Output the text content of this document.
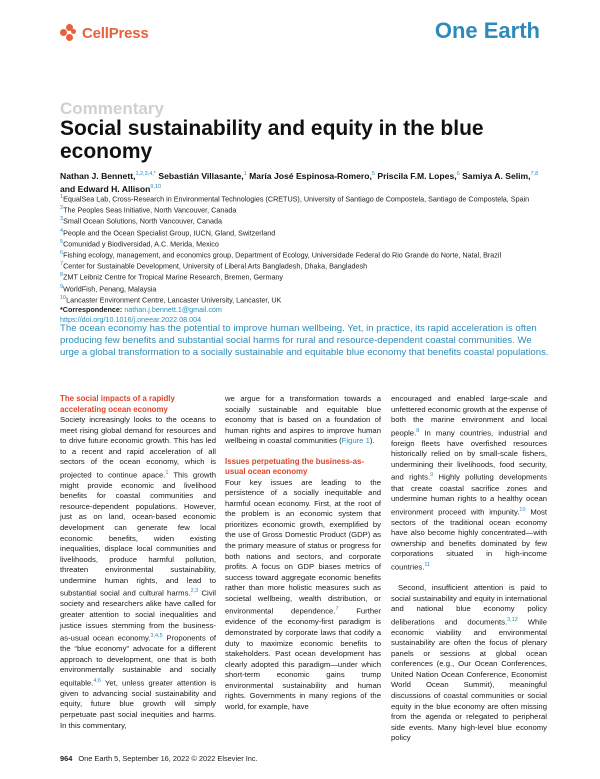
CellPress	One Earth
Commentary
Social sustainability and equity in the blue economy
Nathan J. Bennett,$^{1,2,3,4,*}$ Sebastián Villasante,$^1$ María José Espinosa-Romero,$^5$ Priscila F.M. Lopes,$^6$ Samiya A. Selim,$^{7,8}$ and Edward H. Allison$^{9,10}$
$^1$EqualSea Lab, Cross-Research in Environmental Technologies (CRETUS), University of Santiago de Compostela, Santiago de Compostela, Spain
$^2$The Peoples Seas Initiative, North Vancouver, Canada
$^3$Small Ocean Solutions, North Vancouver, Canada
$^4$People and the Ocean Specialist Group, IUCN, Gland, Switzerland
$^5$Comunidad y Biodiversidad, A.C. Merida, Mexico
$^6$Fishing ecology, management, and economics group, Department of Ecology, Universidade Federal do Rio Grande do Norte, Natal, Brazil
$^7$Center for Sustainable Development, University of Liberal Arts Bangladesh, Dhaka, Bangladesh
$^8$ZMT Leibniz Centre for Tropical Marine Research, Bremen, Germany
$^9$WorldFish, Penang, Malaysia
$^{10}$Lancaster Environment Centre, Lancaster University, Lancaster, UK
*Correspondence: nathan.j.bennett.1@gmail.com
https://doi.org/10.1016/j.oneear.2022.08.004
The ocean economy has the potential to improve human wellbeing. Yet, in practice, its rapid acceleration is often producing few benefits and substantial social harms for rural and resource-dependent coastal communities. We urge a global transformation to a socially sustainable and equitable blue economy that benefits coastal populations.
The social impacts of a rapidly accelerating ocean economy

Society increasingly looks to the oceans to meet rising global demand for resources and to drive future economic growth. This has led to a recent and rapid acceleration of all sectors of the ocean economy, which is projected to continue apace.$^1$ This growth might provide economic and livelihood benefits for coastal communities and resource-dependent populations. However, just as on land, ocean-based economic development can generate few local economic benefits, widen existing inequalities, displace local communities and livelihoods, produce harmful pollution, threaten environmental sustainability, undermine human rights, and lead to substantial social and cultural harms.$^{2,3}$ Civil society and researchers alike have called for greater attention to social inequalities and justice issues stemming from the business-as-usual ocean economy.$^{3,4,5}$ Proponents of the “blue economy” advocate for a different approach to development, one that is both environmentally sustainable and socially equitable.$^{4,6}$ Yet, unless greater attention is given to advancing social sustainability and equity, future blue growth will simply perpetuate past social inequities and harms. In this commentary,

we argue for a transformation towards a socially sustainable and equitable blue economy that is based on a foundation of human rights and aspires to improve human wellbeing in coastal communities (Figure 1).

Issues perpetuating the business-as-usual ocean economy

Four key issues are leading to the persistence of a socially inequitable and harmful ocean economy. First, at the root of the problem is an economic system that prioritizes economic growth, exemplified by the use of Gross Domestic Product (GDP) as the primary measure of status or progress for both nations and sectors, and corporate profits. A focus on GDP biases metrics of success toward aggregate economic benefits rather than more holistic measures such as societal wellbeing, wealth distribution, or environmental dependence.$^7$ Further evidence of the economy-first paradigm is demonstrated by corporate laws that codify a duty to maximize economic benefits to stakeholders. Past ocean development has clearly adopted this paradigm—under which short-term economic gains trump environmental sustainability and human rights. Governments in many regions of the world, for example, have

encouraged and enabled large-scale and unfettered economic growth at the expense of both the marine environment and local people.$^8$ In many countries, industrial and foreign fleets have overfished resources historically relied on by small-scale fishers, undermining their livelihoods, food security, and rights.$^9$ Highly polluting developments that create coastal sacrifice zones and undermine human rights to a healthy ocean environment proceed with impunity.$^{10}$ Most sectors of the traditional ocean economy have also become highly concentrated—with ownership and benefits dominated by few corporations situated in high-income countries.$^{11}$

Second, insufficient attention is paid to social sustainability and equity in international and national blue economy policy deliberations and documents.$^{3,12}$ While economic viability and environmental sustainability are often the focus of plenary panels or sessions at global ocean conferences (e.g., Our Ocean Conferences, United Nation Ocean Conference, Economist World Ocean Summit), meaningful discussions of coastal communities or social equity in the blue economy are often missing from the agenda or relegated to peripheral side events. Many high-level blue economy policy

964 One Earth 5, September 16, 2022 © 2022 Elsevier Inc.
